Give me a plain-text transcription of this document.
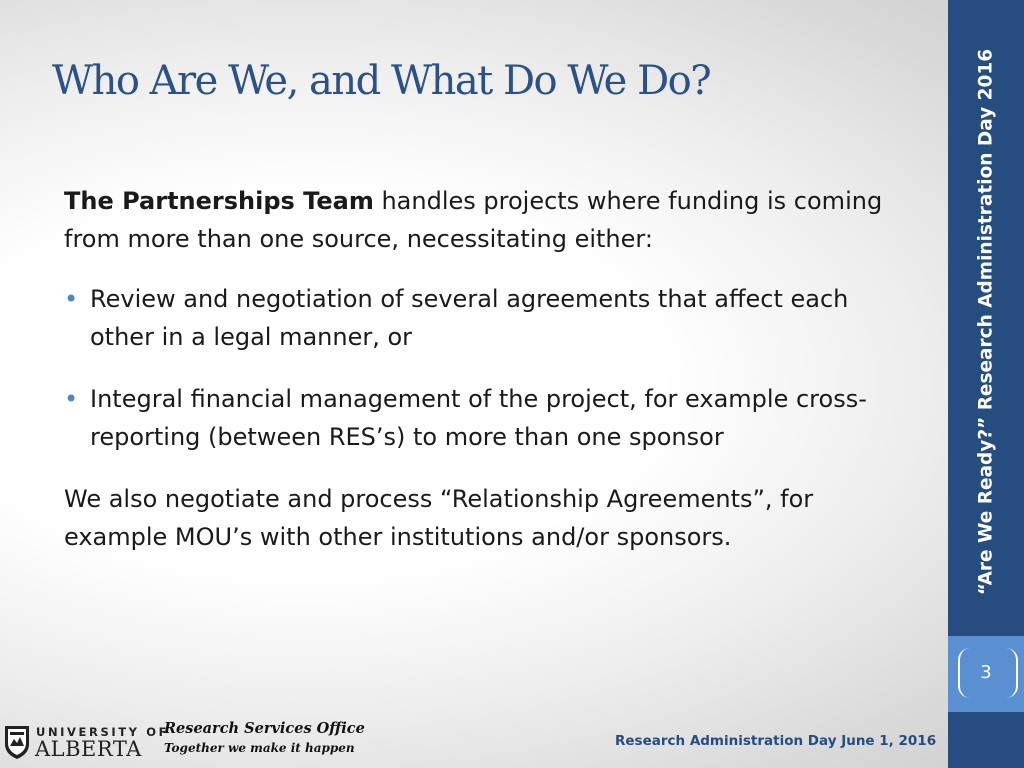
Who Are We, and What Do We Do?

The Partnerships Team handles projects where funding is coming from more than one source, necessitating either:

• Review and negotiation of several agreements that affect each other in a legal manner, or
• Integral financial management of the project, for example cross-reporting (between RES’s) to more than one sponsor

We also negotiate and process “Relationship Agreements”, for example MOU’s with other institutions and/or sponsors.	“Are We Ready?” Research Administration Day 2016
3
UNIVERSITY OF
ALBERTA
Research Services Office
Together we make it happen	Research Administration Day June 1, 2016
